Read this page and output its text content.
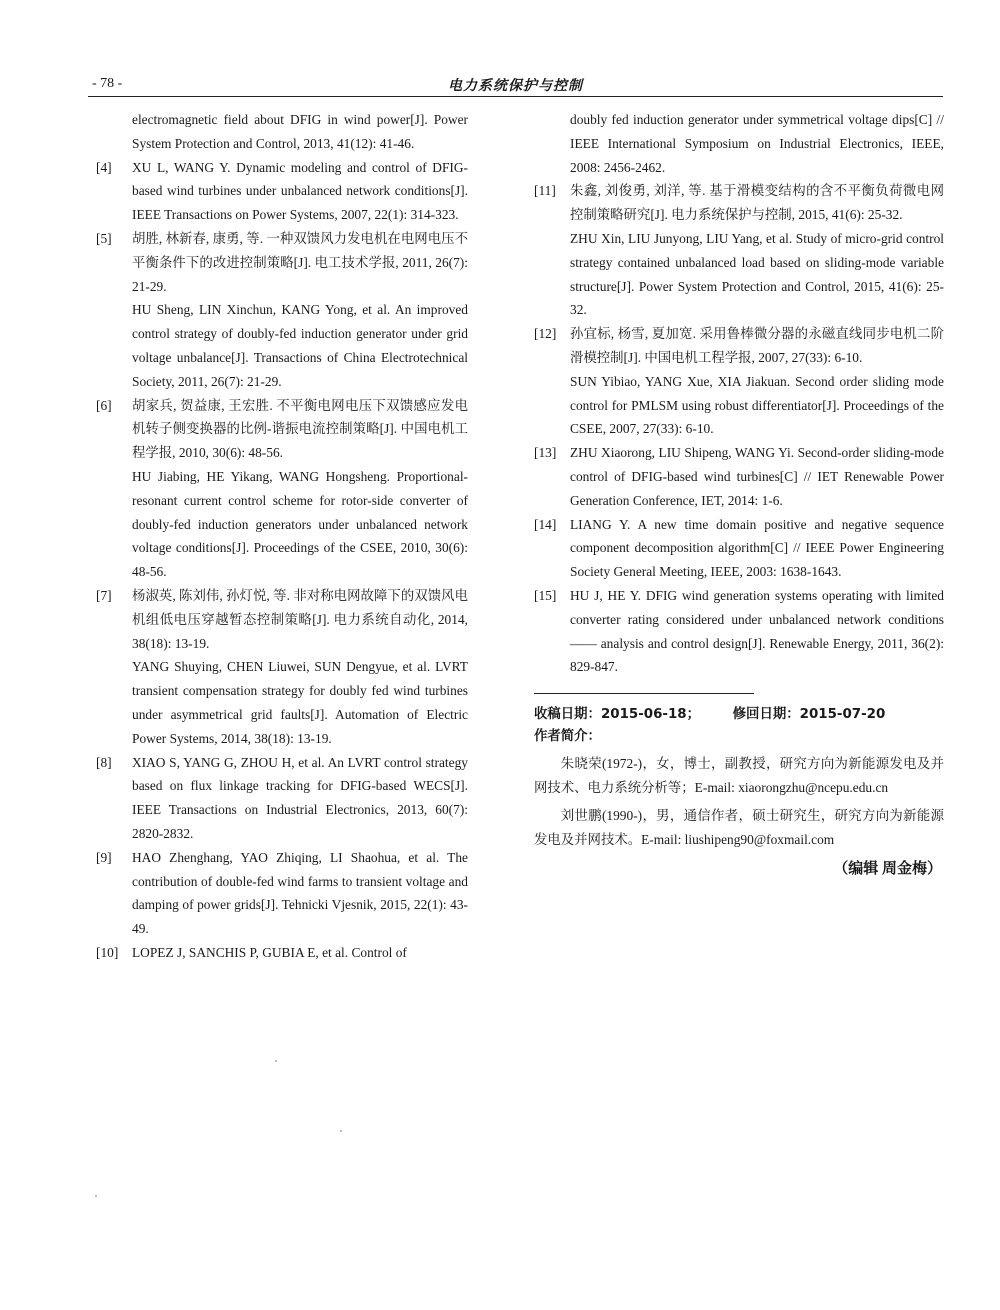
- 78 -	电力系统保护与控制

electromagnetic field about DFIG in wind power[J]. Power System Protection and Control, 2013, 41(12): 41-46.

[4] XU L, WANG Y. Dynamic modeling and control of DFIG-based wind turbines under unbalanced network conditions[J]. IEEE Transactions on Power Systems, 2007, 22(1): 314-323.

[5] 胡胜, 林新春, 康勇, 等. 一种双馈风力发电机在电网电压不平衡条件下的改进控制策略[J]. 电工技术学报, 2011, 26(7): 21-29.

HU Sheng, LIN Xinchun, KANG Yong, et al. An improved control strategy of doubly-fed induction generator under grid voltage unbalance[J]. Transactions of China Electrotechnical Society, 2011, 26(7): 21-29.

[6] 胡家兵, 贺益康, 王宏胜. 不平衡电网电压下双馈感应发电机转子侧变换器的比例-谐振电流控制策略[J]. 中国电机工程学报, 2010, 30(6): 48-56.

HU Jiabing, HE Yikang, WANG Hongsheng. Proportional-resonant current control scheme for rotor-side converter of doubly-fed induction generators under unbalanced network voltage conditions[J]. Proceedings of the CSEE, 2010, 30(6): 48-56.

[7] 杨淑英, 陈刘伟, 孙灯悦, 等. 非对称电网故障下的双馈风电机组低电压穿越暂态控制策略[J]. 电力系统自动化, 2014, 38(18): 13-19.

YANG Shuying, CHEN Liuwei, SUN Dengyue, et al. LVRT transient compensation strategy for doubly fed wind turbines under asymmetrical grid faults[J]. Automation of Electric Power Systems, 2014, 38(18): 13-19.

[8] XIAO S, YANG G, ZHOU H, et al. An LVRT control strategy based on flux linkage tracking for DFIG-based WECS[J]. IEEE Transactions on Industrial Electronics, 2013, 60(7): 2820-2832.

[9] HAO Zhenghang, YAO Zhiqing, LI Shaohua, et al. The contribution of double-fed wind farms to transient voltage and damping of power grids[J]. Tehnicki Vjesnik, 2015, 22(1): 43-49.

[10] LOPEZ J, SANCHIS P, GUBIA E, et al. Control of

doubly fed induction generator under symmetrical voltage dips[C] // IEEE International Symposium on Industrial Electronics, IEEE, 2008: 2456-2462.

[11] 朱鑫, 刘俊勇, 刘洋, 等. 基于滑模变结构的含不平衡负荷微电网控制策略研究[J]. 电力系统保护与控制, 2015, 41(6): 25-32.

ZHU Xin, LIU Junyong, LIU Yang, et al. Study of micro-grid control strategy contained unbalanced load based on sliding-mode variable structure[J]. Power System Protection and Control, 2015, 41(6): 25-32.

[12] 孙宜标, 杨雪, 夏加宽. 采用鲁棒微分器的永磁直线同步电机二阶滑模控制[J]. 中国电机工程学报, 2007, 27(33): 6-10.

SUN Yibiao, YANG Xue, XIA Jiakuan. Second order sliding mode control for PMLSM using robust differentiator[J]. Proceedings of the CSEE, 2007, 27(33): 6-10.

[13] ZHU Xiaorong, LIU Shipeng, WANG Yi. Second-order sliding-mode control of DFIG-based wind turbines[C] // IET Renewable Power Generation Conference, IET, 2014: 1-6.

[14] LIANG Y. A new time domain positive and negative sequence component decomposition algorithm[C] // IEEE Power Engineering Society General Meeting, IEEE, 2003: 1638-1643.

[15] HU J, HE Y. DFIG wind generation systems operating with limited converter rating considered under unbalanced network conditions —— analysis and control design[J]. Renewable Energy, 2011, 36(2): 829-847.

收稿日期：2015-06-18； 修回日期：2015-07-20
作者简介：

朱晓荣(1972-)，女，博士，副教授，研究方向为新能源发电及并网技术、电力系统分析等；E-mail: xiaorongzhu@ncepu.edu.cn

刘世鹏(1990-)，男，通信作者，硕士研究生，研究方向为新能源发电及并网技术。E-mail: liushipeng90@foxmail.com

（编辑 周金梅）
